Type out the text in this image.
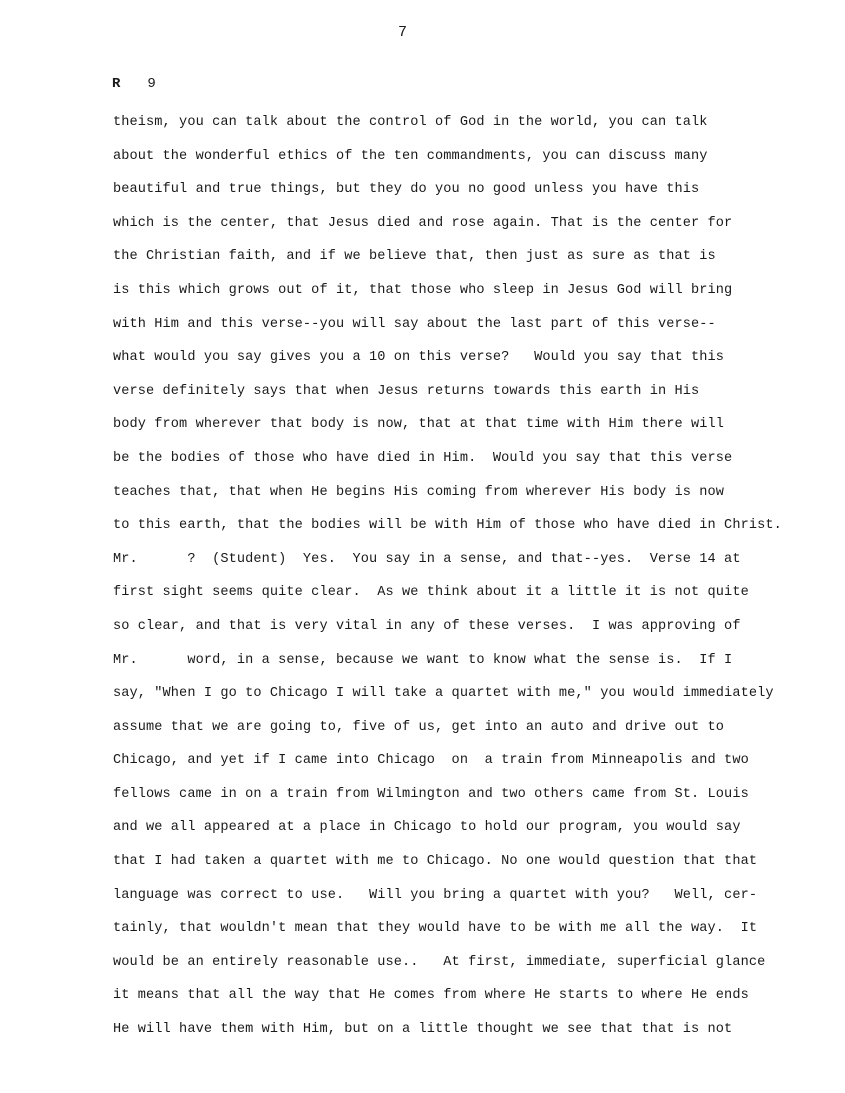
7
R 9
theism, you can talk about the control of God in the world, you can talk
about the wonderful ethics of the ten commandments, you can discuss many
beautiful and true things, but they do you no good unless you have this
which is the center, that Jesus died and rose again. That is the center for
the Christian faith, and if we believe that, then just as sure as that is
is this which grows out of it, that those who sleep in Jesus God will bring
with Him and this verse--you will say about the last part of this verse--
what would you say gives you a 10 on this verse?   Would you say that this
verse definitely says that when Jesus returns towards this earth in His
body from wherever that body is now, that at that time with Him there will
be the bodies of those who have died in Him.  Would you say that this verse
teaches that, that when He begins His coming from wherever His body is now
to this earth, that the bodies will be with Him of those who have died in Christ.
Mr.      ?  (Student)  Yes.  You say in a sense, and that--yes.  Verse 14 at
first sight seems quite clear.  As we think about it a little it is not quite
so clear, and that is very vital in any of these verses.  I was approving of
Mr.      word, in a sense, because we want to know what the sense is.  If I
say, "When I go to Chicago I will take a quartet with me," you would immediately
assume that we are going to, five of us, get into an auto and drive out to
Chicago, and yet if I came into Chicago  on  a train from Minneapolis and two
fellows came in on a train from Wilmington and two others came from St. Louis
and we all appeared at a place in Chicago to hold our program, you would say
that I had taken a quartet with me to Chicago. No one would question that that
language was correct to use.   Will you bring a quartet with you?   Well, cer-
tainly, that wouldn't mean that they would have to be with me all the way.  It
would be an entirely reasonable use..   At first, immediate, superficial glance
it means that all the way that He comes from where He starts to where He ends
He will have them with Him, but on a little thought we see that that is not
